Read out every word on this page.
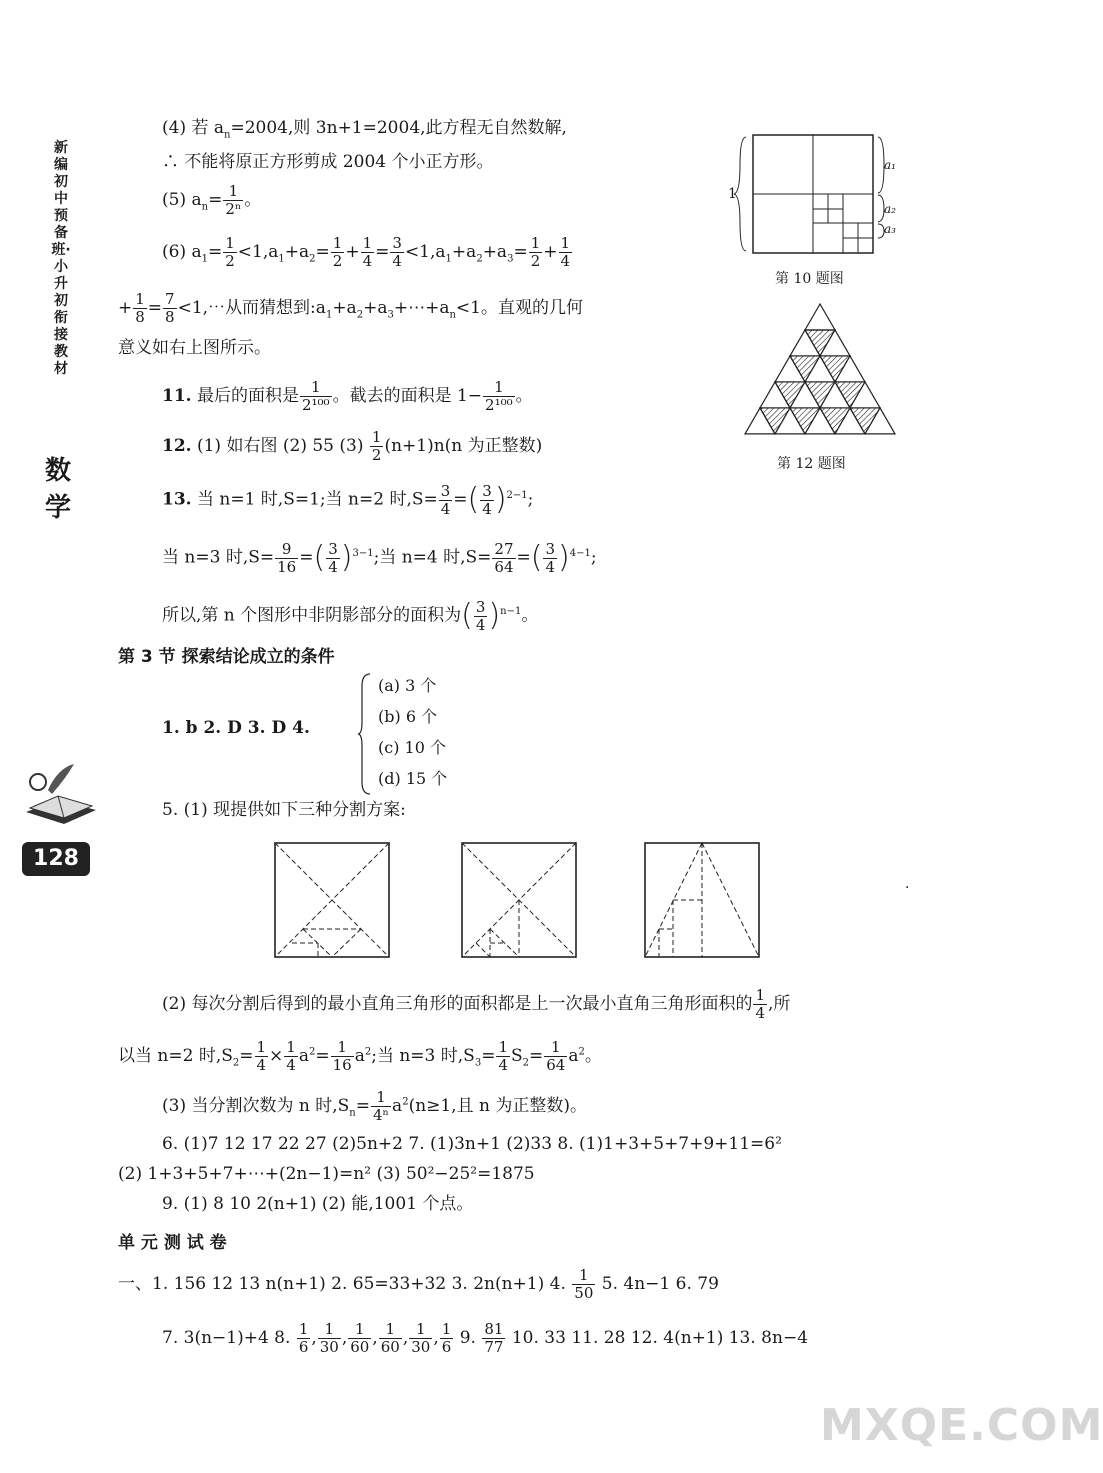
新编初中预备班·小升初衔接教材
数学
128
(4) 若 $a_n=2004$,则 3n+1=2004,此方程无自然数解,
∴ 不能将原正方形剪成 2004 个小正方形。
(5) $a_n= \frac{1}{\text{2ⁿ}}$ 。
(6) $a_1= \frac{1}{2} <1,a_1+a_2= \frac{1}{2} + \frac{1}{4} = \frac{3}{4} <1,a_1+a_2+a_3= \frac{1}{2} + \frac{1}{4}$
+ $\frac{1}{8} = \frac{7}{8}$ <1,⋯从而猜想到$:a_1+a_2+a_3+\cdots+a_n<1$。直观的几何
意义如右上图所示。
1
a₁
a₂
a₃
第 10 题图
第 12 题图
11. 最后的面积是 $\frac{1}{\text{2¹⁰⁰}}$ 。截去的面积是 $1- \frac{1}{\text{2¹⁰⁰}}$ 。
12. (1) 如右图 (2) 55 $(3) \frac{1}{2} (n+1)n(n$ 为正整数)
13. 当 n=1 时,S=1;当 n=2 时$,S= \frac{3}{4}$ =( $\frac{3}{4} )^{2-1}$;
当 n=3 时$,S= \frac{9}{16}$ =( $\frac{3}{4} )^{3-1}$;当 n=4 时$,S= \frac{27}{64}$ =( $\frac{3}{4} )^{4-1}$;
所以,第 n 个图形中非阴影部分的面积为( $\frac{3}{4} )^{n-1}$。
第 3 节 探索结论成立的条件
1. b 2. D 3. D 4.
(a) 3 个
(b) 6 个
(c) 10 个
(d) 15 个
5. (1) 现提供如下三种分割方案:
·
(2) 每次分割后得到的最小直角三角形的面积都是上一次最小直角三角形面积的 $\frac{1}{4}$ ,所
以当 n=2 时$,S_2= \frac{1}{4} \times \frac{1}{4} a^2= \frac{1}{16} a^2$;当 n=3 时$,S_3= \frac{1}{4} S_2= \frac{1}{64} a^2$。
(3) 当分割次数为 n 时$,S_n= \frac{1}{\text{4ⁿ}} a^2(n\ge 1$,且 n 为正整数)。
6. (1)7 12 17 22 27 (2)5n+2 7. (1)3n+1 (2)33 8. (1)1+3+5+7+9+11=6²
(2) 1+3+5+7+⋯+(2n−1)=n² (3) 50²−25²=1875
9. (1) 8 10 2(n+1) (2) 能,1001 个点。
单 元 测 试 卷
一、1. 156 12 13 n(n+1) 2. 65=33+32 3. 2n(n+1) 4. $\frac{1}{50} 5$. 4n−1 6. 79
7. 3(n−1)+4 8. $\frac{1}{6}$ , $\frac{1}{30}$ , $\frac{1}{60}$ , $\frac{1}{60}$ , $\frac{1}{30}$ , $\frac{1}{6} 9$. $\frac{81}{77} 10$. 33 11. 28 12. 4(n+1) 13. 8n−4
MXQE.COM
